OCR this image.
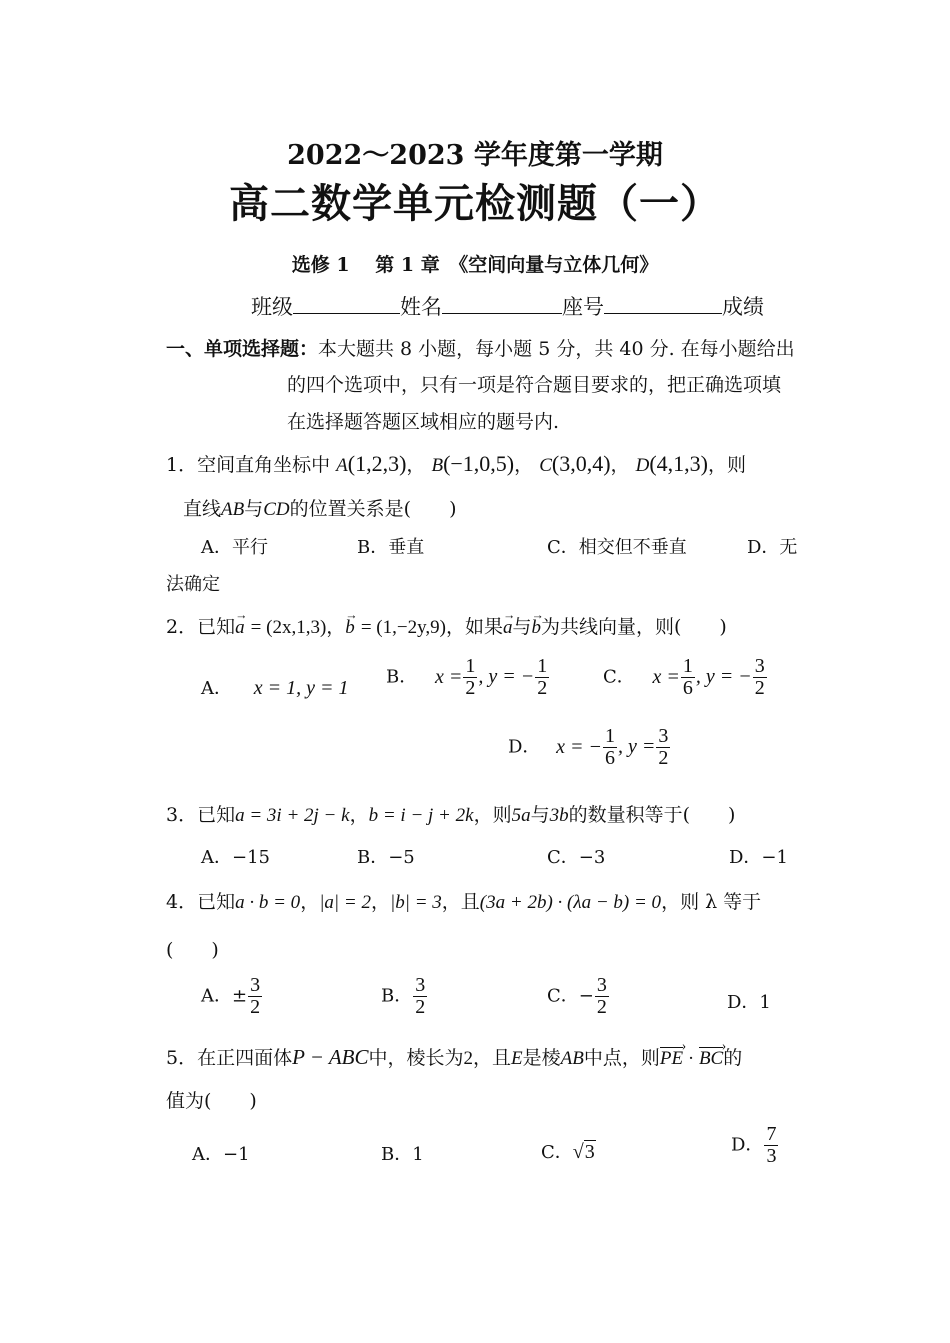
2022～2023 学年度第一学期
高二数学单元检测题（一）
选修 1　 第 1 章　《空间向量与立体几何》
班级	姓名	座号	成绩
一、单项选择题：本大题共 8 小题，每小题 5 分，共 40 分. 在每小题给出
的四个选项中，只有一项是符合题目要求的，把正确选项填
在选择题答题区域相应的题号内.
1．空间直角坐标中 A(1,2,3)， B(−1,0,5)， C(3,0,4)， D(4,1,3)，则
直线AB与CD的位置关系是(　　)
A．平行	B．垂直	C．相交但不垂直	D．无
法确定
2．已知→ a = (2x,1,3)，→ b = (1,−2y,9)，如果→ a与→ b为共线向量，则(　　)
A． x = 1, y = 1 B． $x = \frac{1}{2}$ , y = − $\frac{1}{2}$	C． $x = \frac{1}{6}$ , y = − $\frac{3}{2}$
D． x = − $\frac{1}{6}$ , $y = \frac{3}{2}$
3．已知a = 3i + 2j − k，b = i − j + 2k，则5a与3b的数量积等于(　　)
A．−15	B．−5	C．−3	D．−1
4．已知a · b = 0，|a| = 2，|b| = 3，且(3a + 2b) · (λa − b) = 0，则 λ 等于
(　　)
A．± $\frac{3}{2}$	B． $\frac{3}{2}$	C．− $\frac{3}{2}$	D．1
5．在正四面体P − ABC中，棱长为2，且E是棱AB中点，则PE › · BC ›的
值为(　　)
A．−1	B．1	C．√3	D． $\frac{7}{3}$
